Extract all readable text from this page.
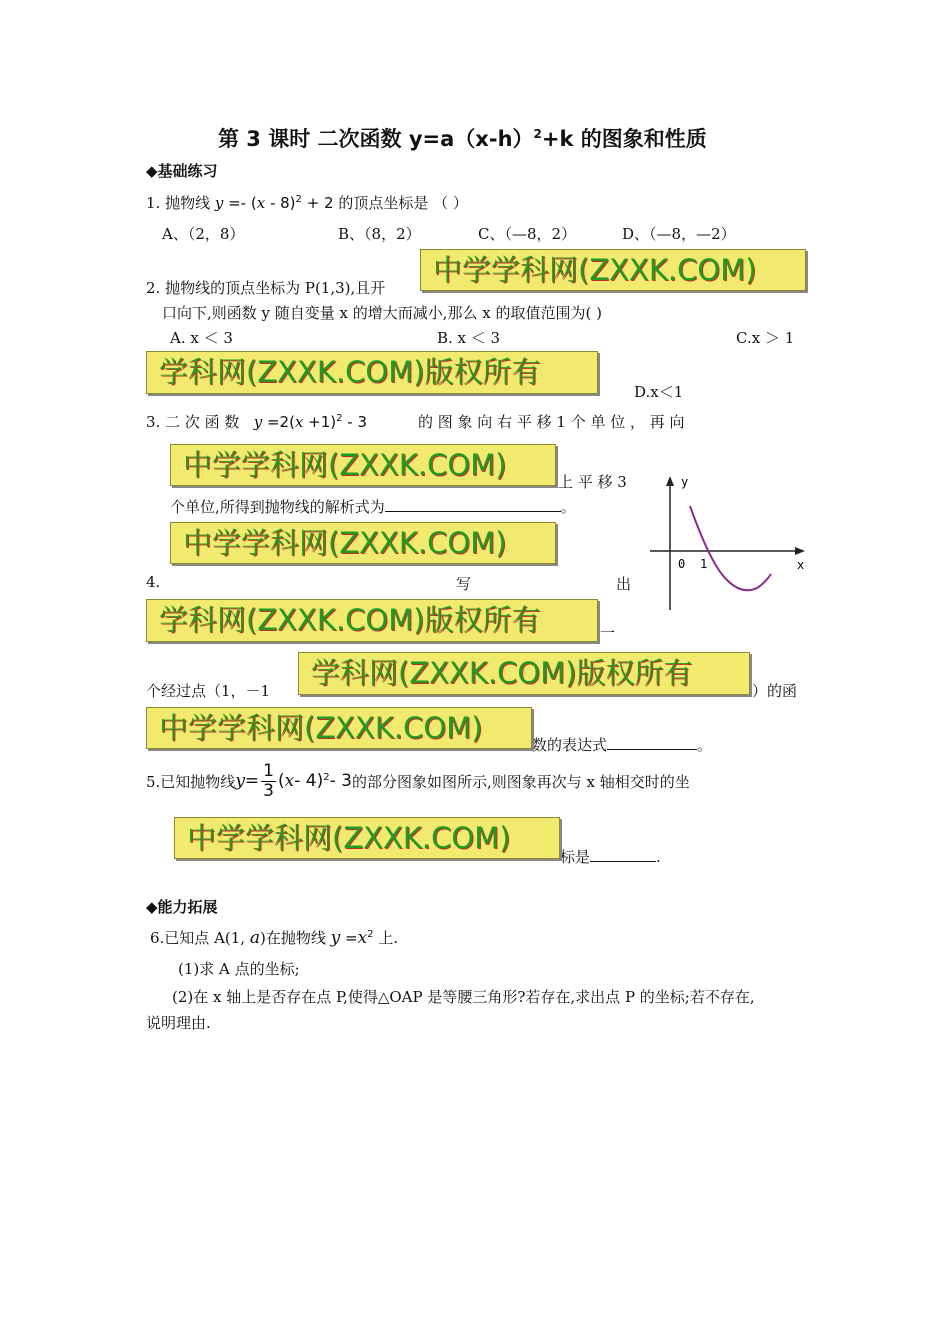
第 3 课时 二次函数 $y=a(x-h)^2+k$ 的图象和性质
◆基础练习
1. 抛物线 y =- (x - 8)$^2$ + 2 的顶点坐标是 （ ）
A、（2，8）	B、（8，2）	C、（—8，2）	D、（—8，—2）
2. 抛物线的顶点坐标为 P(1,3),且开
口向下,则函数 y 随自变量 x 的增大而减小,那么 x 的取值范围为( )
A. x ＜ 3	B. x ＜ 3	C.x ＞ 1
D.x＜1
3. 二 次 函 数 $y =2(x +1)^2 - 3$	的 图 象 向 右 平 移 1 个 单 位 ， 再 向
上 平 移 3
个单位,所得到抛物线的解析式为	。
4.	写	出
一
个经过点（1，－1	）的函
数的表达式	。
5.已知抛物线 $y = \frac{1}{3}$ ( x - 4)$^2$ - 3 的部分图象如图所示,则图象再次与 x 轴相交时的坐
标是	.
◆能力拓展
6.已知点 A(1, a)在抛物线 $y =x^2$ 上.
(1)求 A 点的坐标;
(2)在 x 轴上是否存在点 P,使得△OAP 是等腰三角形?若存在,求出点 P 的坐标;若不存在,
说明理由.
y
x
0 1
中学学科网(ZXXK.COM)
学科网(ZXXK.COM)版权所有
中学学科网(ZXXK.COM)
中学学科网(ZXXK.COM)
学科网(ZXXK.COM)版权所有
学科网(ZXXK.COM)版权所有
中学学科网(ZXXK.COM)
中学学科网(ZXXK.COM)
